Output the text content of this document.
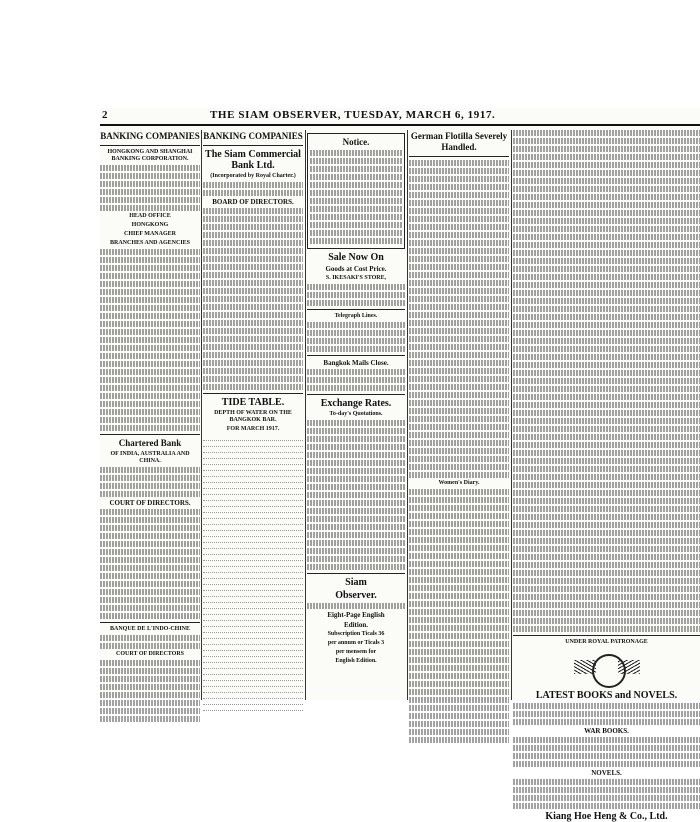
2	THE SIAM OBSERVER, TUESDAY, MARCH 6, 1917.
BANKING COMPANIES
HONGKONG AND SHANGHAI BANKING CORPORATION.
HEAD OFFICE
HONGKONG
CHIEF MANAGER
BRANCHES AND AGENCIES
Chartered Bank
OF INDIA, AUSTRALIA AND CHINA.
COURT OF DIRECTORS.
BANQUE DE L'INDO-CHINE
COURT OF DIRECTORS
BANKING COMPANIES
The Siam Commercial Bank Ltd.
(Incorporated by Royal Charter.)
BOARD OF DIRECTORS.
TIDE TABLE.
DEPTH OF WATER ON THE BANGKOK BAR.
FOR MARCH 1917.
Notice.
Sale Now On
Goods at Cost Price.
S. IKESAKI'S STORE,
Telegraph Lines.
Bangkok Mails Close.
Exchange Rates.
To-day's Quotations.
Siam
Observer.
Eight-Page English
Edition.
Subscription Ticals 36
per annum or Ticals 3
per mensem for
English Edition.
German Flotilla Severely Handled.
Women's Diary.
UNDER ROYAL PATRONAGE
LATEST BOOKS and NOVELS.
WAR BOOKS.
NOVELS.
Kiang Hoe Heng & Co., Ltd.
